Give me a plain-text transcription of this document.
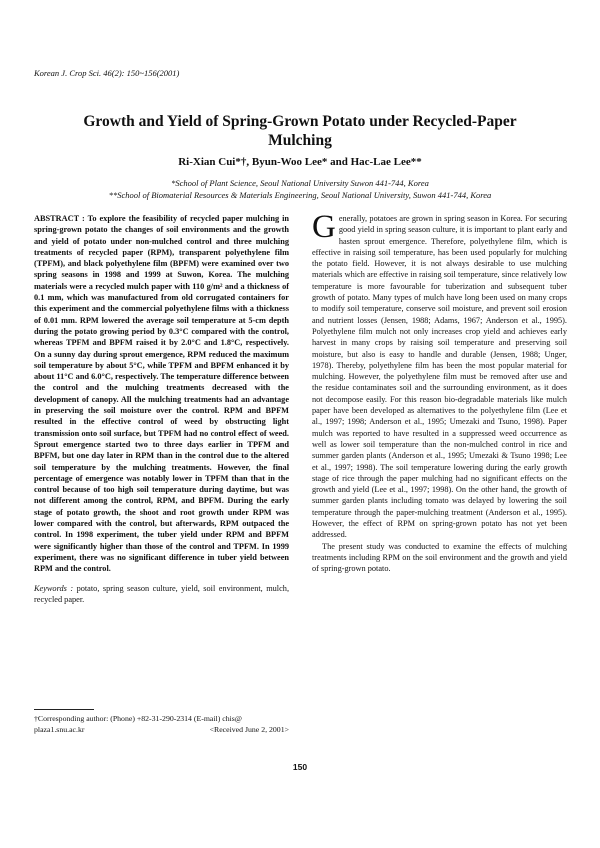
Korean J. Crop Sci. 46(2): 150~156(2001)
Growth and Yield of Spring-Grown Potato under Recycled-Paper Mulching
Ri-Xian Cui*†, Byun-Woo Lee* and Hac-Lae Lee**
*School of Plant Science, Seoul National University Suwon 441-744, Korea
**School of Biomaterial Resources & Materials Engineering, Seoul National University, Suwon 441-744, Korea
ABSTRACT : To explore the feasibility of recycled paper mulching in spring-grown potato the changes of soil environments and the growth and yield of potato under non-mulched control and three mulching treatments of recycled paper (RPM), transparent polyethylene film (TPFM), and black polyethylene film (BPFM) were examined over two spring seasons in 1998 and 1999 at Suwon, Korea. The mulching materials were a recycled mulch paper with 110 g/m² and a thickness of 0.1 mm, which was manufactured from old corrugated containers for this experiment and the commercial polyethylene films with a thickness of 0.01 mm. RPM lowered the average soil temperature at 5-cm depth during the potato growing period by 0.3°C compared with the control, whereas TPFM and BPFM raised it by 2.0°C and 1.8°C, respectively. On a sunny day during sprout emergence, RPM reduced the maximum soil temperature by about 5°C, while TPFM and BPFM enhanced it by about 11°C and 6.0°C, respectively. The temperature difference between the control and the mulching treatments decreased with the development of canopy. All the mulching treatments had an advantage in preserving the soil moisture over the control. RPM and BPFM resulted in the effective control of weed by obstructing light transmission onto soil surface, but TPFM had no control effect of weed. Sprout emergence started two to three days earlier in TPFM and BPFM, but one day later in RPM than in the control due to the altered soil temperature by the mulching treatments. However, the final percentage of emergence was notably lower in TPFM than that in the control because of too high soil temperature during daytime, but was not different among the control, RPM, and BPFM. During the early stage of potato growth, the shoot and root growth under RPM was lower compared with the control, but afterwards, RPM outpaced the control. In 1998 experiment, the tuber yield under RPM and BPFM were significantly higher than those of the control and TPFM. In 1999 experiment, there was no significant difference in tuber yield between RPM and the control.
Keywords : potato, spring season culture, yield, soil environment, mulch, recycled paper.
†Corresponding author: (Phone) +82-31-290-2314 (E-mail) chis@ plaza1.snu.ac.kr	<Received June 2, 2001>

Generally, potatoes are grown in spring season in Korea. For securing good yield in spring season culture, it is important to plant early and hasten sprout emergence. Therefore, polyethylene film, which is effective in raising soil temperature, has been used popularly for mulching the potato field. However, it is not always desirable to use mulching materials which are effective in raising soil temperature, since relatively low temperature is more favourable for tuberization and subsequent tuber growth of potato. Many types of mulch have long been used on many crops to modify soil temperature, conserve soil moisture, and prevent soil erosion and nutrient losses (Jensen, 1988; Adams, 1967; Anderson et al., 1995). Polyethylene film mulch not only increases crop yield and achieves early harvest in many crops by raising soil temperature and preserving soil moisture, but also is easy to handle and durable (Jensen, 1988; Unger, 1978). Thereby, polyethylene film has been the most popular material for mulching. However, the polyethylene film must be removed after use and the residue contaminates soil and the surrounding environment, as it does not decompose easily. For this reason bio-degradable materials like mulch paper have been developed as alternatives to the polyethylene film (Lee et al., 1997; 1998; Anderson et al., 1995; Umezaki and Tsuno, 1998). Paper mulch was reported to have resulted in a suppressed weed occurrence as well as lower soil temperature than the non-mulched control in rice and summer garden plants (Anderson et al., 1995; Umezaki & Tsuno 1998; Lee et al., 1997; 1998). The soil temperature lowering during the early growth stage of rice through the paper mulching had no significant effects on the growth and yield (Lee et al., 1997; 1998). On the other hand, the growth of summer garden plants including tomato was delayed by lowering the soil temperature through the paper-mulching treatment (Anderson et al., 1995). However, the effect of RPM on spring-grown potato has not yet been addressed.

The present study was conducted to examine the effects of mulching treatments including RPM on the soil environment and the growth and yield of spring-grown potato.

150
